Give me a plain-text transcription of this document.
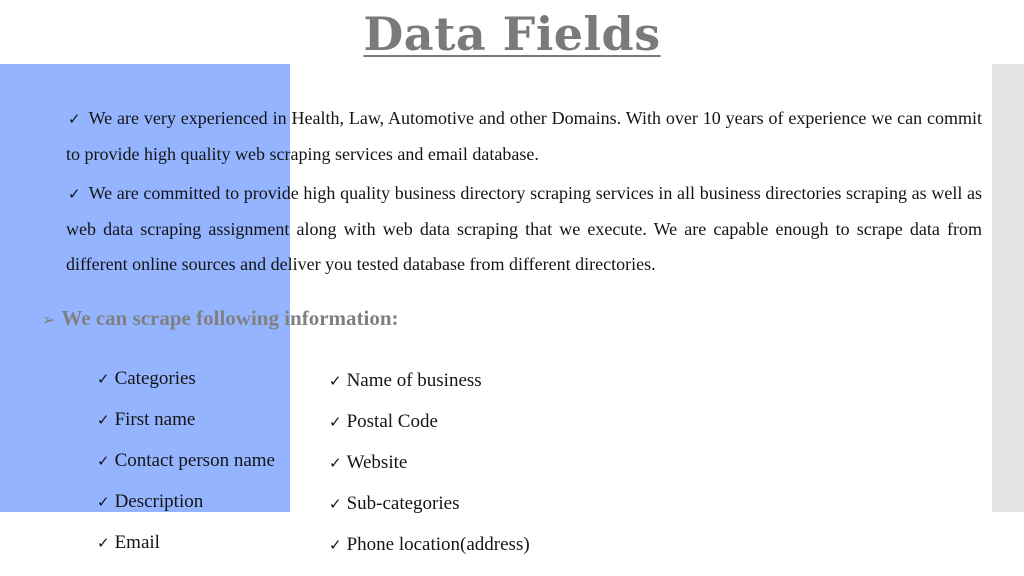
Data Fields
✓ We are very experienced in Health, Law, Automotive and other Domains. With over 10 years of experience we can commit to provide high quality web scraping services and email database.
✓ We are committed to provide high quality business directory scraping services in all business directories scraping as well as web data scraping assignment along with web data scraping that we execute. We are capable enough to scrape data from different online sources and deliver you tested database from different directories.
➢ We can scrape following information:
✓ Categories
✓ First name
✓ Contact person name
✓ Description
✓ Email
✓ Name of business
✓ Postal Code
✓ Website
✓ Sub-categories
✓ Phone location(address)
